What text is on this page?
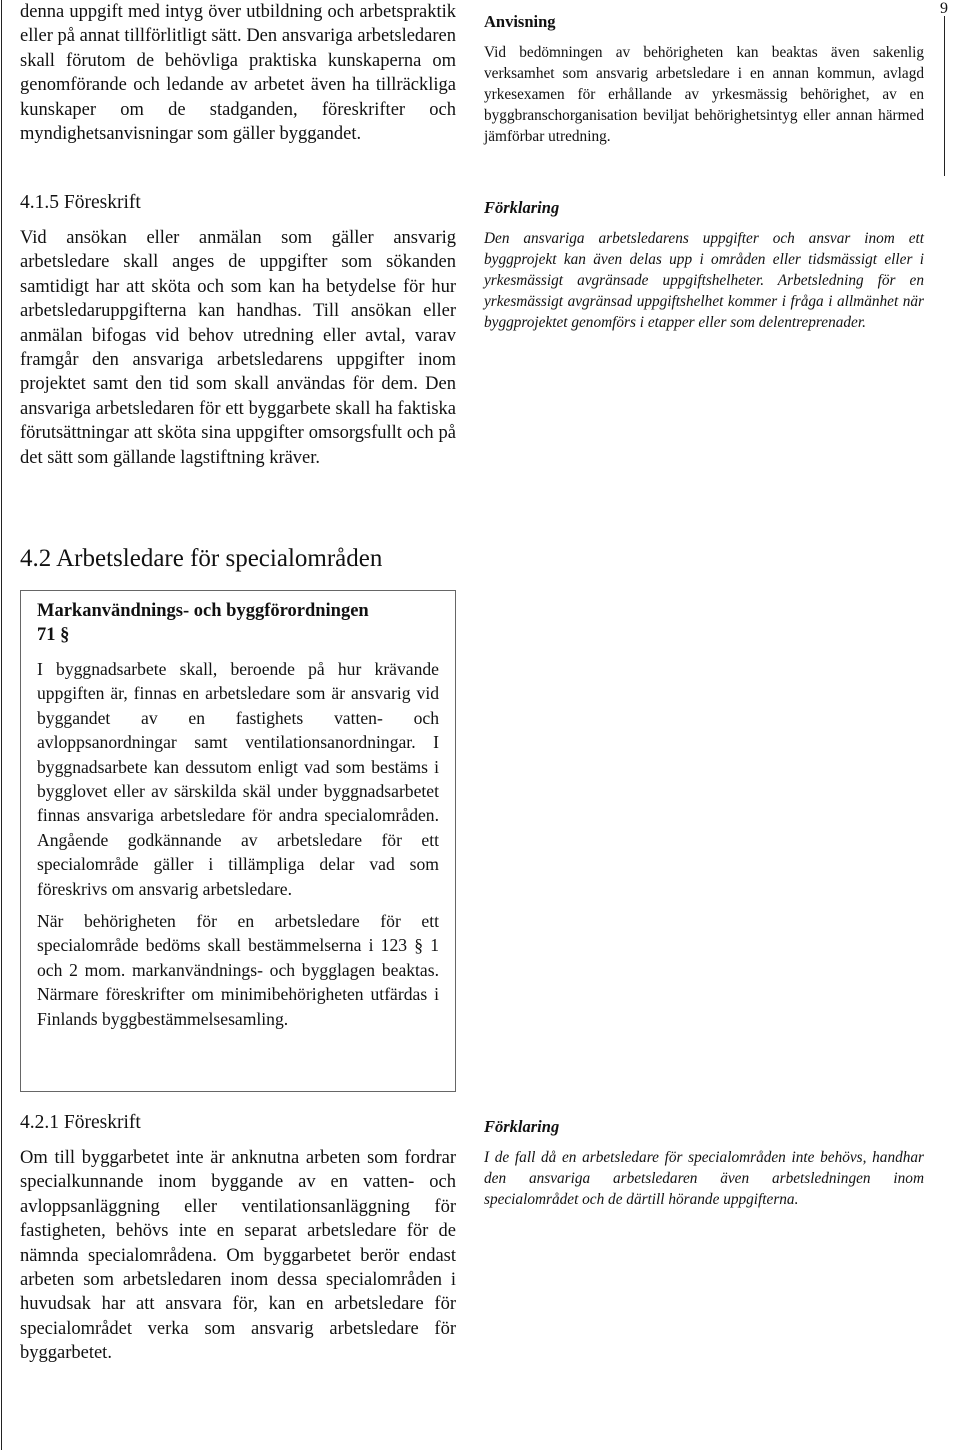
9

denna uppgift med intyg över utbildning och arbetspraktik eller på annat tillförlitligt sätt. Den ansvariga arbetsledaren skall förutom de behövliga praktiska kunskaperna om genomförande och ledande av arbetet även ha tillräckliga kunskaper om de stadganden, föreskrifter och myndighetsanvisningar som gäller byggandet.

4.1.5 Föreskrift

Vid ansökan eller anmälan som gäller ansvarig arbetsledare skall anges de uppgifter som sökanden samtidigt har att sköta och som kan ha betydelse för hur arbetsledaruppgifterna kan handhas. Till ansökan eller anmälan bifogas vid behov utredning eller avtal, varav framgår den ansvariga arbetsledarens uppgifter inom projektet samt den tid som skall användas för dem. Den ansvariga arbetsledaren för ett byggarbete skall ha faktiska förutsättningar att sköta sina uppgifter omsorgsfullt och på det sätt som gällande lagstiftning kräver.

4.2 Arbetsledare för specialområden

Markanvändnings- och byggförordningen
71 §

I byggnadsarbete skall, beroende på hur krävande uppgiften är, finnas en arbetsledare som är ansvarig vid byggandet av en fastighets vatten- och avloppsanordningar samt ventilationsanordningar. I byggnadsarbete kan dessutom enligt vad som bestäms i bygglovet eller av särskilda skäl under byggnadsarbetet finnas ansvariga arbetsledare för andra specialområden. Angående godkännande av arbetsledare för ett specialområde gäller i tillämpliga delar vad som föreskrivs om ansvarig arbetsledare.

När behörigheten för en arbetsledare för ett specialområde bedöms skall bestämmelserna i 123 § 1 och 2 mom. markanvändnings- och bygglagen beaktas. Närmare föreskrifter om minimibehörigheten utfärdas i Finlands byggbestämmelsesamling.

4.2.1 Föreskrift

Om till byggarbetet inte är anknutna arbeten som fordrar specialkunnande inom byggande av en vatten- och avloppsanläggning eller ventilationsanläggning för fastigheten, behövs inte en separat arbetsledare för de nämnda specialområdena. Om byggarbetet berör endast arbeten som arbetsledaren inom dessa specialområden i huvudsak har att ansvara för, kan en arbetsledare för specialområdet verka som ansvarig arbetsledare för byggarbetet.

Anvisning

Vid bedömningen av behörigheten kan beaktas även sakenlig verksamhet som ansvarig arbetsledare i en annan kommun, avlagd yrkesexamen för erhållande av yrkesmässig behörighet, av en byggbranschorganisation beviljat behörighetsintyg eller annan härmed jämförbar utredning.

Förklaring

Den ansvariga arbetsledarens uppgifter och ansvar inom ett byggprojekt kan även delas upp i områden eller tidsmässigt eller i yrkesmässigt avgränsade uppgiftshelheter. Arbetsledning för en yrkesmässigt avgränsad uppgiftshelhet kommer i fråga i allmänhet när byggprojektet genomförs i etapper eller som delentreprenader.

Förklaring

I de fall då en arbetsledare för specialområden inte behövs, handhar den ansvariga arbetsledaren även arbetsledningen inom specialområdet och de därtill hörande uppgifterna.
